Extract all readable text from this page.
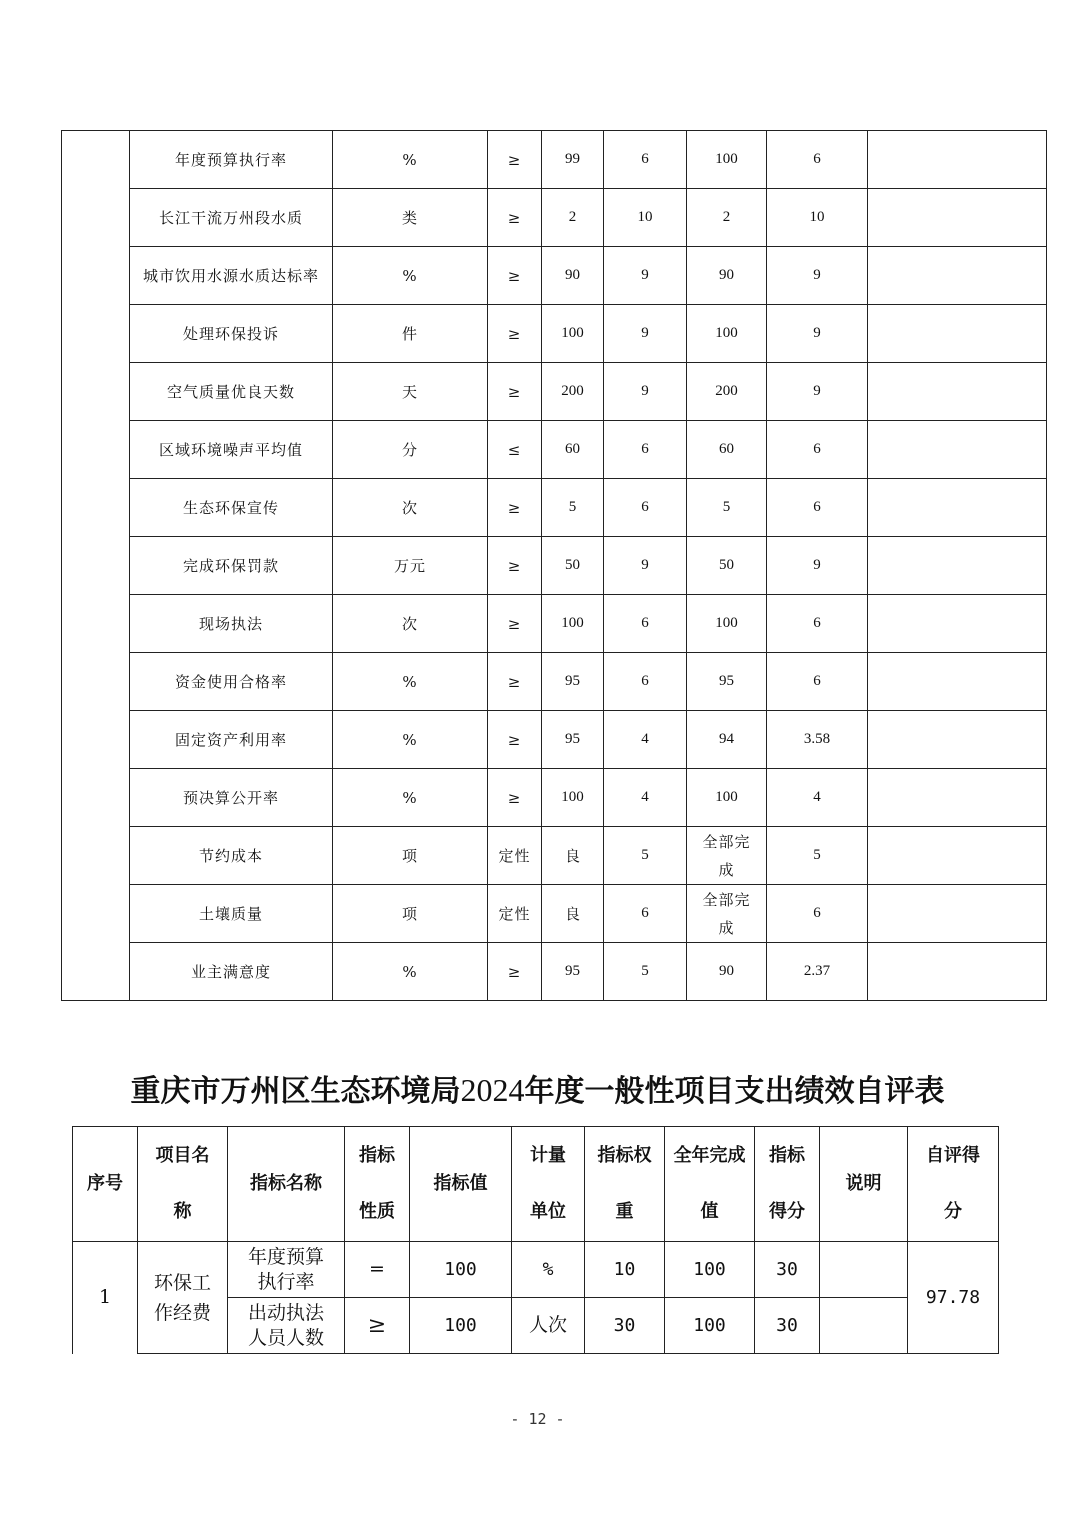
	年度预算执行率	%	≥	99	6	100	6	
	长江干流万州段水质	类	≥	2	10	2	10	
	城市饮用水源水质达标率	%	≥	90	9	90	9	
	处理环保投诉	件	≥	100	9	100	9	
	空气质量优良天数	天	≥	200	9	200	9	
	区域环境噪声平均值	分	≤	60	6	60	6	
	生态环保宣传	次	≥	5	6	5	6	
	完成环保罚款	万元	≥	50	9	50	9	
	现场执法	次	≥	100	6	100	6	
	资金使用合格率	%	≥	95	6	95	6	
	固定资产利用率	%	≥	95	4	94	3.58	
	预决算公开率	%	≥	100	4	100	4	
	节约成本	项	定性	良	5	全部完成	5	
	土壤质量	项	定性	良	6	全部完成	6	
	业主满意度	%	≥	95	5	90	2.37	
重庆市万州区生态环境局2024年度一般性项目支出绩效自评表
序号	项目名称	指标名称	指标性质	指标值	计量单位	指标权重	全年完成值	指标得分	说明	自评得分
1	环保工作经费	年度预算执行率	=	100	%	10	100	30		97.78
		出动执法人员人数	≥	100	人次	30	100	30		
- 12 -
